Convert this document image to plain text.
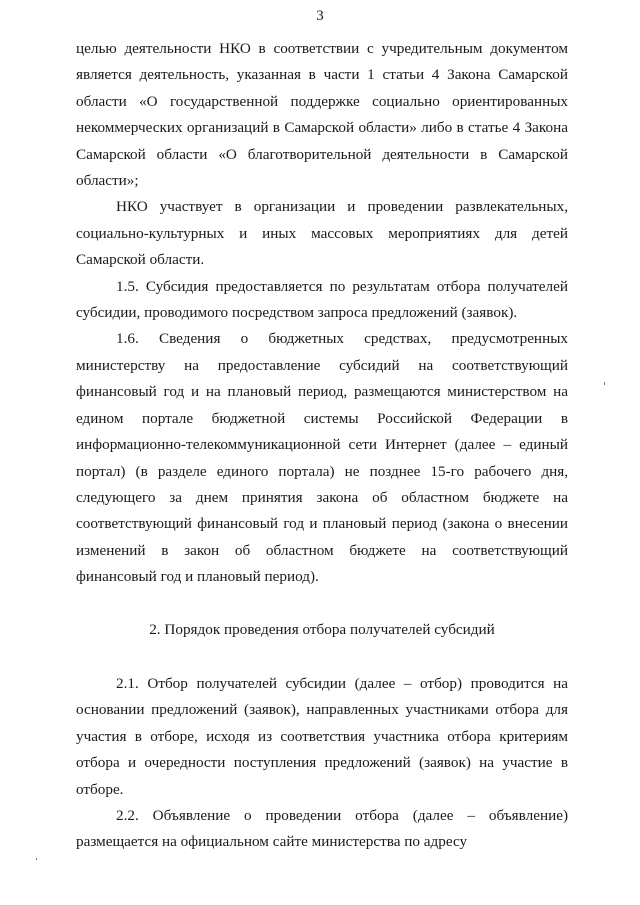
3

целью деятельности НКО в соответствии с учредительным документом является деятельность, указанная в части 1 статьи 4 Закона Самарской области «О государственной поддержке социально ориентированных некоммерческих организаций в Самарской области» либо в статье 4 Закона Самарской области «О благотворительной деятельности в Самарской области»;

НКО участвует в организации и проведении развлекательных, социально-культурных и иных массовых мероприятиях для детей Самарской области.

1.5. Субсидия предоставляется по результатам отбора получателей субсидии, проводимого посредством запроса предложений (заявок).

1.6. Сведения о бюджетных средствах, предусмотренных министерству на предоставление субсидий на соответствующий финансовый год и на плановый период, размещаются министерством на едином портале бюджетной системы Российской Федерации в информационно-телекоммуникационной сети Интернет (далее – единый портал) (в разделе единого портала) не позднее 15-го рабочего дня, следующего за днем принятия закона об областном бюджете на соответствующий финансовый год и плановый период (закона о внесении изменений в закон об областном бюджете на соответствующий финансовый год и плановый период).

2. Порядок проведения отбора получателей субсидий

2.1. Отбор получателей субсидии (далее – отбор) проводится на основании предложений (заявок), направленных участниками отбора для участия в отборе, исходя из соответствия участника отбора критериям отбора и очередности поступления предложений (заявок) на участие в отборе.

2.2. Объявление о проведении отбора (далее – объявление) размещается на официальном сайте министерства по адресу
